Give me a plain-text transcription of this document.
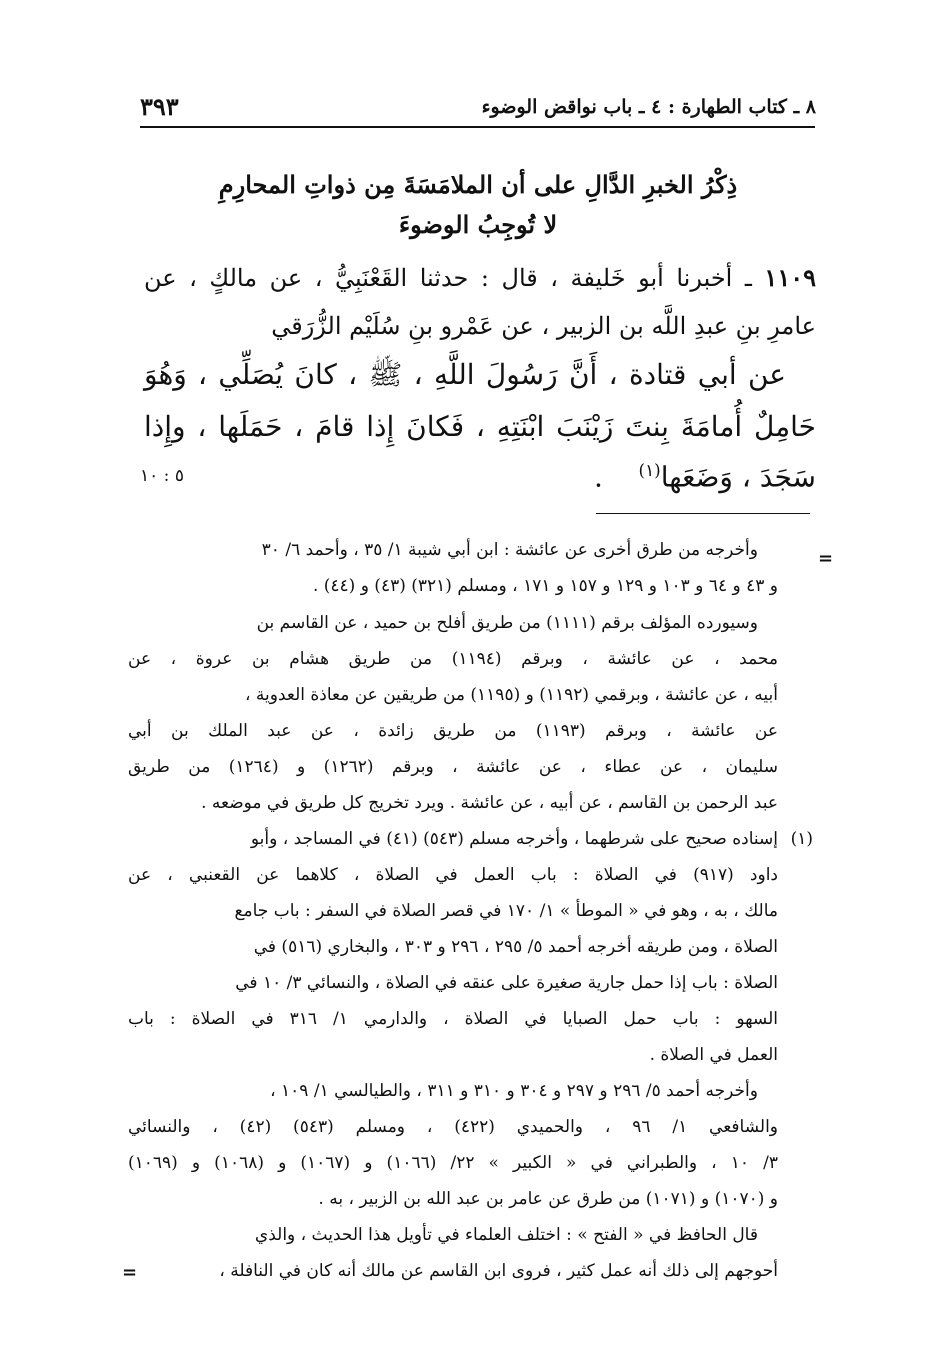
٣٩٣	٨ ـ كتاب الطهارة : ٤ ـ باب نواقض الوضوء
ذِكْرُ الخبرِ الدَّالِ على أن الملامَسَةَ مِن ذواتِ المحارِمِ
لا تُوجِبُ الوضوءَ
١١٠٩ ـ أخبرنا أبو خَليفة ، قال : حدثنا القَعْنَبِيُّ ، عن مالكٍ ، عن
عامرِ بنِ عبدِ اللَّه بن الزبير ، عن عَمْرو بنِ سُلَيْم الزُّرَقي
عن أبي قتادة ، أَنَّ رَسُولَ اللَّهِ ، ﷺ ، كانَ يُصَلِّي ، وَهُوَ
حَامِلٌ أُمامَةَ بِنتَ زَيْنَبَ ابْنَتِهِ ، فَكانَ إِذا قامَ ، حَمَلَها ، وإِذا
سَجَدَ ، وَضَعَها$^{(١)}$    .
٥ : ١٠
=
وأخرجه من طرق أخرى عن عائشة : ابن أبي شيبة ١/ ٣٥ ، وأحمد ٦/ ٣٠
و ٤٣ و ٦٤ و ١٠٣ و ١٢٩ و ١٥٧ و ١٧١ ، ومسلم (٣٢١) (٤٣) و (٤٤) .
وسيورده المؤلف برقم (١١١١) من طريق أفلح بن حميد ، عن القاسم بن
محمد ، عن عائشة ، وبرقم (١١٩٤) من طريق هشام بن عروة ، عن
أبيه ، عن عائشة ، وبرقمي (١١٩٢) و (١١٩٥) من طريقين عن معاذة العدوية ،
عن عائشة ، وبرقم (١١٩٣) من طريق زائدة ، عن عبد الملك بن أبي
سليمان ، عن عطاء ، عن عائشة ، وبرقم (١٢٦٢) و (١٢٦٤) من طريق
عبد الرحمن بن القاسم ، عن أبيه ، عن عائشة . ويرد تخريج كل طريق في موضعه .
(١)
إسناده صحيح على شرطهما ، وأخرجه مسلم (٥٤٣) (٤١) في المساجد ، وأبو
داود (٩١٧) في الصلاة : باب العمل في الصلاة ، كلاهما عن القعنبي ، عن
مالك ، به ، وهو في « الموطأ » ١/ ١٧٠ في قصر الصلاة في السفر : باب جامع
الصلاة ، ومن طريقه أخرجه أحمد ٥/ ٢٩٥ ، ٢٩٦ و ٣٠٣ ، والبخاري (٥١٦) في
الصلاة : باب إذا حمل جارية صغيرة على عنقه في الصلاة ، والنسائي ٣/ ١٠ في
السهو : باب حمل الصبايا في الصلاة ، والدارمي ١/ ٣١٦ في الصلاة : باب
العمل في الصلاة .
وأخرجه أحمد ٥/ ٢٩٦ و ٢٩٧ و ٣٠٤ و ٣١٠ و ٣١١ ، والطيالسي ١/ ١٠٩ ،
والشافعي ١/ ٩٦ ، والحميدي (٤٢٢) ، ومسلم (٥٤٣) (٤٢) ، والنسائي
٣/ ١٠ ، والطبراني في « الكبير » ٢٢/ (١٠٦٦) و (١٠٦٧) و (١٠٦٨) و (١٠٦٩)
و (١٠٧٠) و (١٠٧١) من طرق عن عامر بن عبد الله بن الزبير ، به .
قال الحافظ في « الفتح » : اختلف العلماء في تأويل هذا الحديث ، والذي
أحوجهم إلى ذلك أنه عمل كثير ، فروى ابن القاسم عن مالك أنه كان في النافلة ،
=
